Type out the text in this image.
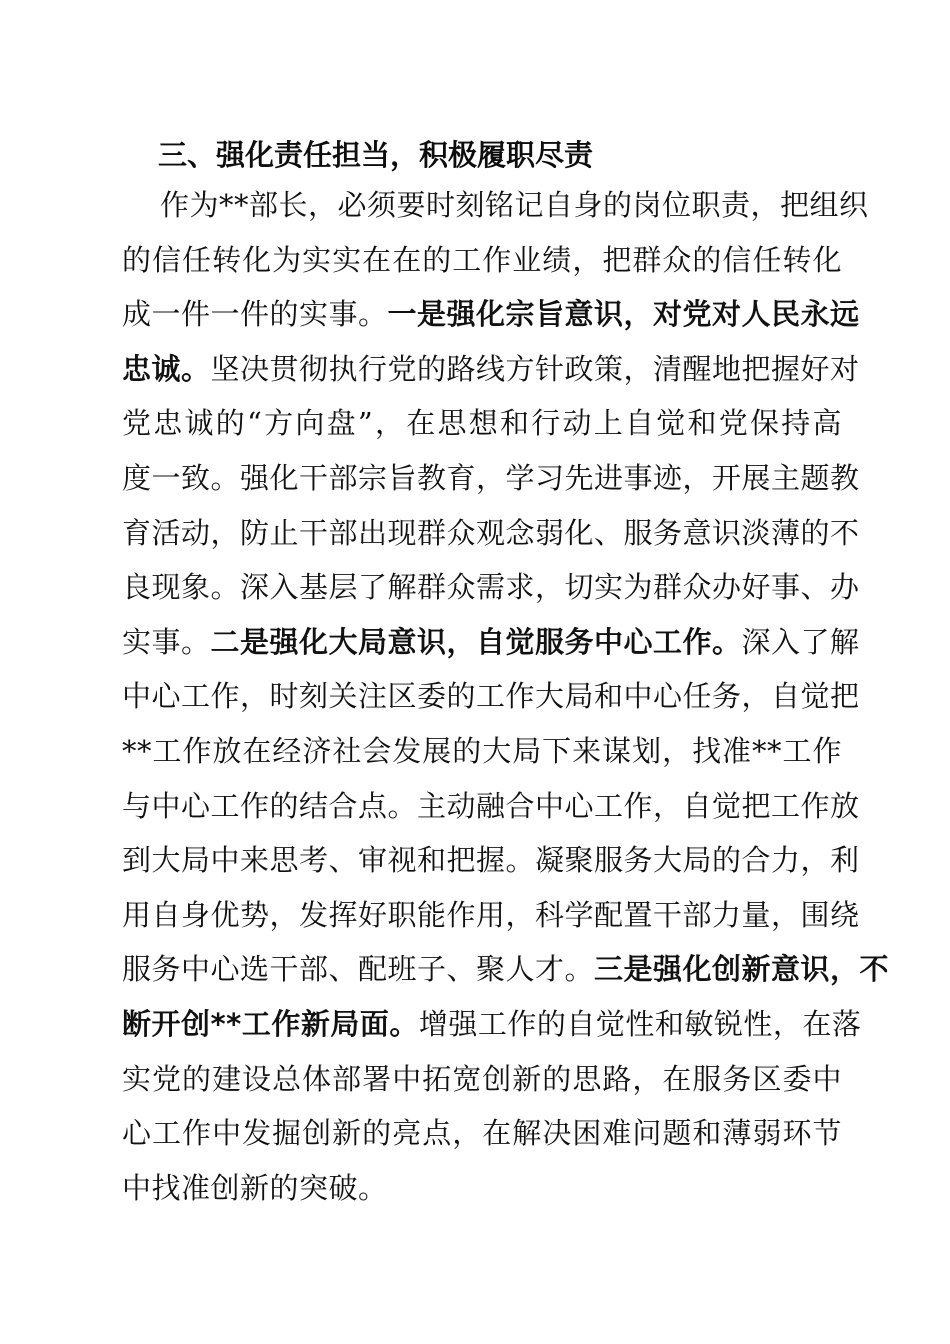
三、强化责任担当，积极履职尽责
作为**部长，必须要时刻铭记自身的岗位职责，把组织
的信任转化为实实在在的工作业绩，把群众的信任转化
成一件一件的实事。一是强化宗旨意识，对党对人民永远
忠诚。坚决贯彻执行党的路线方针政策，清醒地把握好对
党忠诚的“方向盘”，在思想和行动上自觉和党保持高
度一致。强化干部宗旨教育，学习先进事迹，开展主题教
育活动，防止干部出现群众观念弱化、服务意识淡薄的不
良现象。深入基层了解群众需求，切实为群众办好事、办
实事。二是强化大局意识，自觉服务中心工作。深入了解
中心工作，时刻关注区委的工作大局和中心任务，自觉把
**工作放在经济社会发展的大局下来谋划，找准**工作
与中心工作的结合点。主动融合中心工作，自觉把工作放
到大局中来思考、审视和把握。凝聚服务大局的合力，利
用自身优势，发挥好职能作用，科学配置干部力量，围绕
服务中心选干部、配班子、聚人才。三是强化创新意识，不
断开创**工作新局面。增强工作的自觉性和敏锐性，在落
实党的建设总体部署中拓宽创新的思路，在服务区委中
心工作中发掘创新的亮点，在解决困难问题和薄弱环节
中找准创新的突破。
